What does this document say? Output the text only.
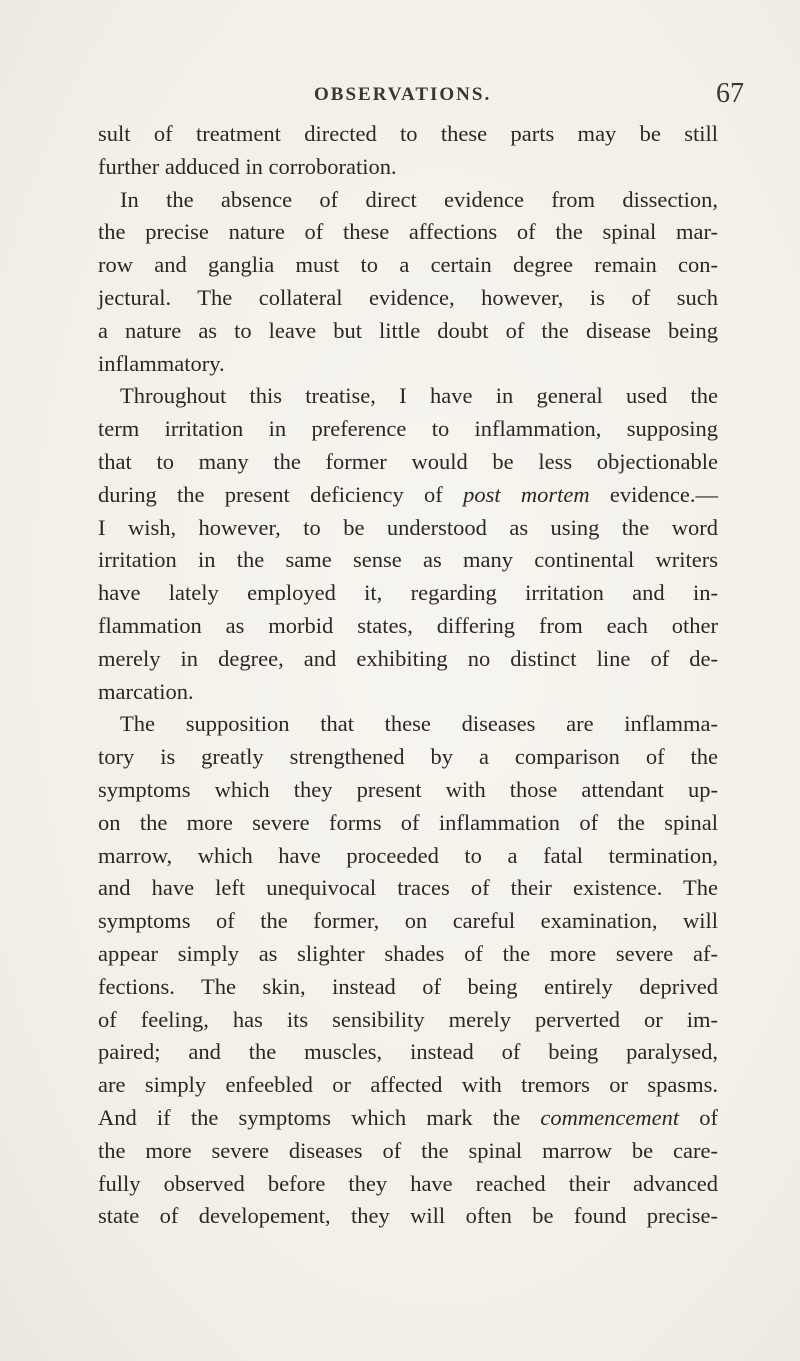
OBSERVATIONS.	67
sult of treatment directed to these parts may be still
further adduced in corroboration.
In the absence of direct evidence from dissection,
the precise nature of these affections of the spinal mar-
row and ganglia must to a certain degree remain con-
jectural. The collateral evidence, however, is of such
a nature as to leave but little doubt of the disease being
inflammatory.
Throughout this treatise, I have in general used the
term irritation in preference to inflammation, supposing
that to many the former would be less objectionable
during the present deficiency of post mortem evidence.—
I wish, however, to be understood as using the word
irritation in the same sense as many continental writers
have lately employed it, regarding irritation and in-
flammation as morbid states, differing from each other
merely in degree, and exhibiting no distinct line of de-
marcation.
The supposition that these diseases are inflamma-
tory is greatly strengthened by a comparison of the
symptoms which they present with those attendant up-
on the more severe forms of inflammation of the spinal
marrow, which have proceeded to a fatal termination,
and have left unequivocal traces of their existence. The
symptoms of the former, on careful examination, will
appear simply as slighter shades of the more severe af-
fections. The skin, instead of being entirely deprived
of feeling, has its sensibility merely perverted or im-
paired; and the muscles, instead of being paralysed,
are simply enfeebled or affected with tremors or spasms.
And if the symptoms which mark the commencement of
the more severe diseases of the spinal marrow be care-
fully observed before they have reached their advanced
state of developement, they will often be found precise-
